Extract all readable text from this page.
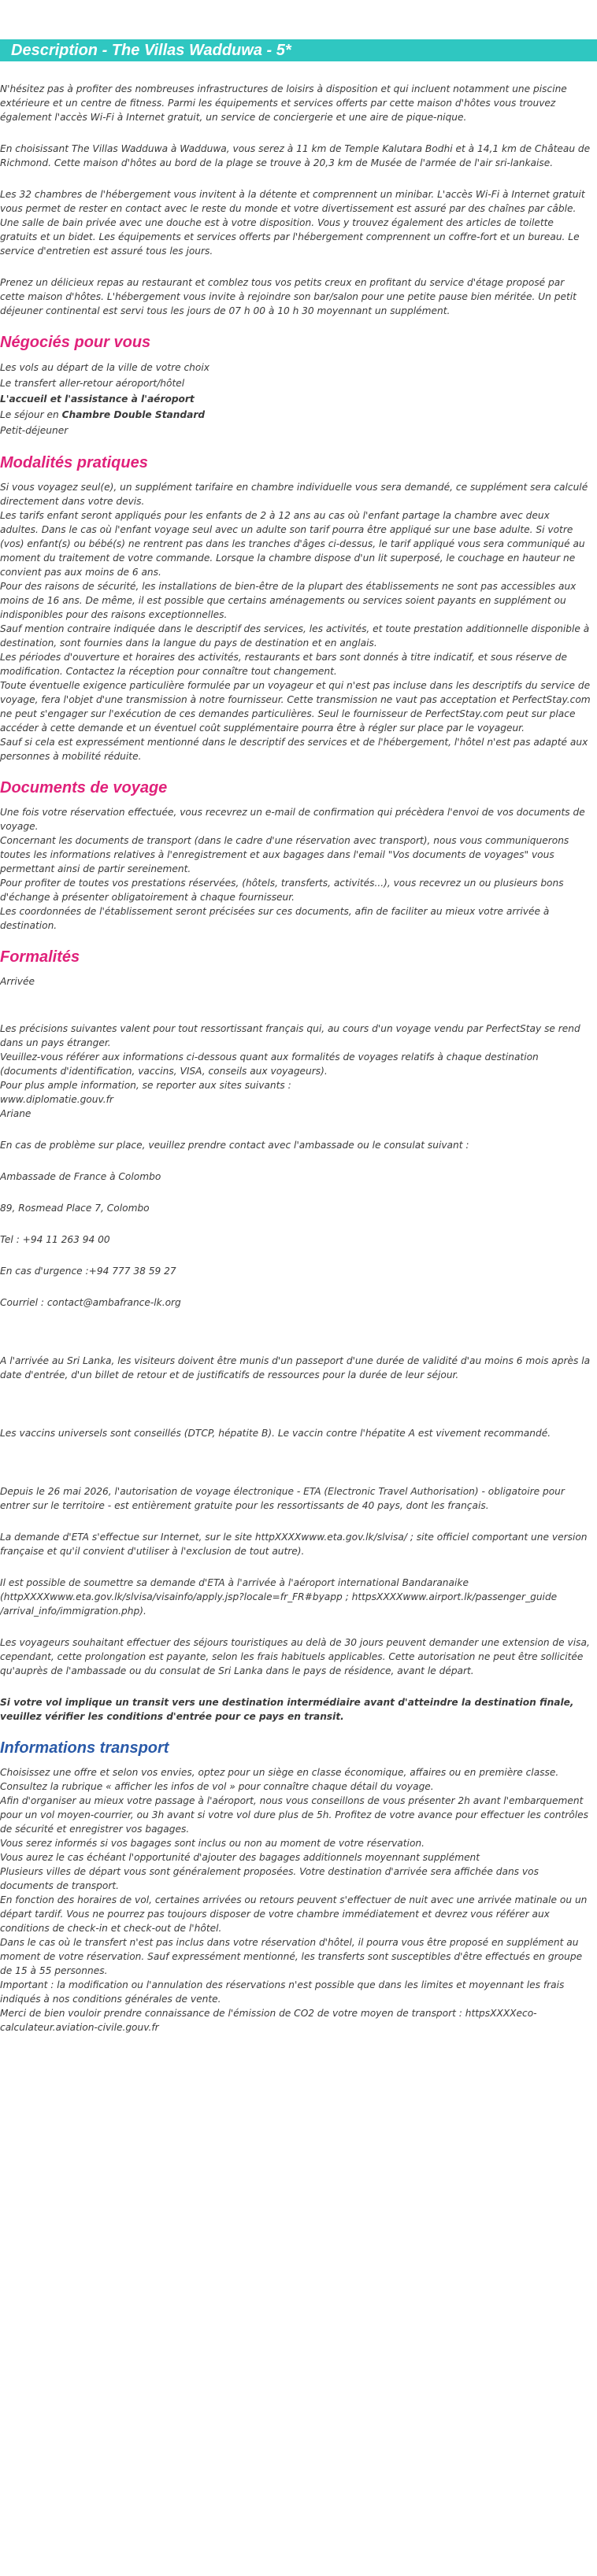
Description - The Villas Wadduwa - 5*

N'hésitez pas à profiter des nombreuses infrastructures de loisirs à disposition et qui incluent notamment une piscine extérieure et un centre de fitness. Parmi les équipements et services offerts par cette maison d'hôtes vous trouvez également l'accès Wi-Fi à Internet gratuit, un service de conciergerie et une aire de pique-nique.

En choisissant The Villas Wadduwa à Wadduwa, vous serez à 11 km de Temple Kalutara Bodhi et à 14,1 km de Château de Richmond. Cette maison d'hôtes au bord de la plage se trouve à 20,3 km de Musée de l'armée de l'air sri-lankaise.

Les 32 chambres de l'hébergement vous invitent à la détente et comprennent un minibar. L'accès Wi-Fi à Internet gratuit vous permet de rester en contact avec le reste du monde et votre divertissement est assuré par des chaînes par câble. Une salle de bain privée avec une douche est à votre disposition. Vous y trouvez également des articles de toilette gratuits et un bidet. Les équipements et services offerts par l'hébergement comprennent un coffre-fort et un bureau. Le service d'entretien est assuré tous les jours.

Prenez un délicieux repas au restaurant et comblez tous vos petits creux en profitant du service d'étage proposé par cette maison d'hôtes. L'hébergement vous invite à rejoindre son bar/salon pour une petite pause bien méritée. Un petit déjeuner continental est servi tous les jours de 07 h 00 à 10 h 30 moyennant un supplément.

Négociés pour vous
Les vols au départ de la ville de votre choix
Le transfert aller-retour aéroport/hôtel
L'accueil et l'assistance à l'aéroport
Le séjour en Chambre Double Standard
Petit-déjeuner
Modalités pratiques

Si vous voyagez seul(e), un supplément tarifaire en chambre individuelle vous sera demandé, ce supplément sera calculé directement dans votre devis.

Les tarifs enfant seront appliqués pour les enfants de 2 à 12 ans au cas où l'enfant partage la chambre avec deux adultes. Dans le cas où l'enfant voyage seul avec un adulte son tarif pourra être appliqué sur une base adulte. Si votre (vos) enfant(s) ou bébé(s) ne rentrent pas dans les tranches d'âges ci-dessus, le tarif appliqué vous sera communiqué au moment du traitement de votre commande. Lorsque la chambre dispose d'un lit superposé, le couchage en hauteur ne convient pas aux moins de 6 ans.

Pour des raisons de sécurité, les installations de bien-être de la plupart des établissements ne sont pas accessibles aux moins de 16 ans. De même, il est possible que certains aménagements ou services soient payants en supplément ou indisponibles pour des raisons exceptionnelles.

Sauf mention contraire indiquée dans le descriptif des services, les activités, et toute prestation additionnelle disponible à destination, sont fournies dans la langue du pays de destination et en anglais.

Les périodes d'ouverture et horaires des activités, restaurants et bars sont donnés à titre indicatif, et sous réserve de modification. Contactez la réception pour connaître tout changement.

Toute éventuelle exigence particulière formulée par un voyageur et qui n'est pas incluse dans les descriptifs du service de voyage, fera l'objet d'une transmission à notre fournisseur. Cette transmission ne vaut pas acceptation et PerfectStay.com ne peut s'engager sur l'exécution de ces demandes particulières. Seul le fournisseur de PerfectStay.com peut sur place accéder à cette demande et un éventuel coût supplémentaire pourra être à régler sur place par le voyageur.

Sauf si cela est expressément mentionné dans le descriptif des services et de l'hébergement, l'hôtel n'est pas adapté aux personnes à mobilité réduite.

Documents de voyage

Une fois votre réservation effectuée, vous recevrez un e-mail de confirmation qui précèdera l'envoi de vos documents de voyage.

Concernant les documents de transport (dans le cadre d'une réservation avec transport), nous vous communiquerons toutes les informations relatives à l'enregistrement et aux bagages dans l'email "Vos documents de voyages" vous permettant ainsi de partir sereinement.

Pour profiter de toutes vos prestations réservées, (hôtels, transferts, activités...), vous recevrez un ou plusieurs bons d'échange à présenter obligatoirement à chaque fournisseur.

Les coordonnées de l'établissement seront précisées sur ces documents, afin de faciliter au mieux votre arrivée à destination.

Formalités

Arrivée

Les précisions suivantes valent pour tout ressortissant français qui, au cours d'un voyage vendu par PerfectStay se rend dans un pays étranger.

Veuillez-vous référer aux informations ci-dessous quant aux formalités de voyages relatifs à chaque destination (documents d'identification, vaccins, VISA, conseils aux voyageurs).

Pour plus ample information, se reporter aux sites suivants :

www.diplomatie.gouv.fr

Ariane

En cas de problème sur place, veuillez prendre contact avec l'ambassade ou le consulat suivant :

Ambassade de France à Colombo

89, Rosmead Place 7, Colombo

Tel : +94 11 263 94 00

En cas d'urgence :+94 777 38 59 27

Courriel : contact@ambafrance-lk.org

A l'arrivée au Sri Lanka, les visiteurs doivent être munis d'un passeport d'une durée de validité d'au moins 6 mois après la date d'entrée, d'un billet de retour et de justificatifs de ressources pour la durée de leur séjour.

Les vaccins universels sont conseillés (DTCP, hépatite B). Le vaccin contre l'hépatite A est vivement recommandé.

Depuis le 26 mai 2026, l'autorisation de voyage électronique - ETA (Electronic Travel Authorisation) - obligatoire pour entrer sur le territoire - est entièrement gratuite pour les ressortissants de 40 pays, dont les français.

La demande d'ETA s'effectue sur Internet, sur le site httpXXXXwww.eta.gov.lk/slvisa/ ; site officiel comportant une version française et qu'il convient d'utiliser à l'exclusion de tout autre).

Il est possible de soumettre sa demande d'ETA à l'arrivée à l'aéroport international Bandaranaike (httpXXXXwww.eta.gov.lk/slvisa/visainfo/apply.jsp?locale=fr_FR#byapp ; httpsXXXXwww.airport.lk/passenger_guide /arrival_info/immigration.php).

Les voyageurs souhaitant effectuer des séjours touristiques au delà de 30 jours peuvent demander une extension de visa, cependant, cette prolongation est payante, selon les frais habituels applicables. Cette autorisation ne peut être sollicitée qu'auprès de l'ambassade ou du consulat de Sri Lanka dans le pays de résidence, avant le départ.

Si votre vol implique un transit vers une destination intermédiaire avant d'atteindre la destination finale, veuillez vérifier les conditions d'entrée pour ce pays en transit.

Informations transport

Choisissez une offre et selon vos envies, optez pour un siège en classe économique, affaires ou en première classe.

Consultez la rubrique « afficher les infos de vol » pour connaître chaque détail du voyage.

Afin d'organiser au mieux votre passage à l'aéroport, nous vous conseillons de vous présenter 2h avant l'embarquement pour un vol moyen-courrier, ou 3h avant si votre vol dure plus de 5h. Profitez de votre avance pour effectuer les contrôles de sécurité et enregistrer vos bagages.

Vous serez informés si vos bagages sont inclus ou non au moment de votre réservation.

Vous aurez le cas échéant l'opportunité d'ajouter des bagages additionnels moyennant supplément

Plusieurs villes de départ vous sont généralement proposées. Votre destination d'arrivée sera affichée dans vos documents de transport.

En fonction des horaires de vol, certaines arrivées ou retours peuvent s'effectuer de nuit avec une arrivée matinale ou un départ tardif. Vous ne pourrez pas toujours disposer de votre chambre immédiatement et devrez vous référer aux conditions de check-in et check-out de l'hôtel.

Dans le cas où le transfert n'est pas inclus dans votre réservation d'hôtel, il pourra vous être proposé en supplément au moment de votre réservation. Sauf expressément mentionné, les transferts sont susceptibles d'être effectués en groupe de 15 à 55 personnes.

Important : la modification ou l'annulation des réservations n'est possible que dans les limites et moyennant les frais indiqués à nos conditions générales de vente.

Merci de bien vouloir prendre connaissance de l'émission de CO2 de votre moyen de transport : httpsXXXXeco-calculateur.aviation-civile.gouv.fr
